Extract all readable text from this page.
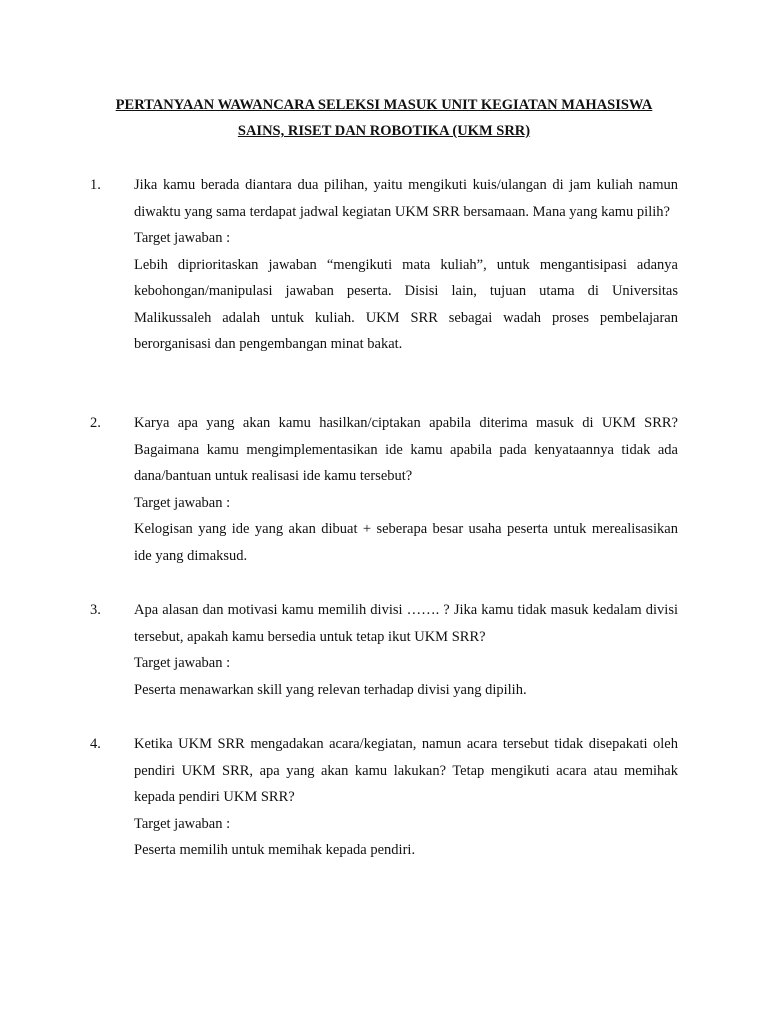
PERTANYAAN WAWANCARA SELEKSI MASUK UNIT KEGIATAN MAHASISWA
SAINS, RISET DAN ROBOTIKA (UKM SRR)
1. Jika kamu berada diantara dua pilihan, yaitu mengikuti kuis/ulangan di jam kuliah namun diwaktu yang sama terdapat jadwal kegiatan UKM SRR bersamaan. Mana yang kamu pilih?

Target jawaban :

Lebih diprioritaskan jawaban “mengikuti mata kuliah”, untuk mengantisipasi adanya kebohongan/manipulasi jawaban peserta. Disisi lain, tujuan utama di Universitas Malikussaleh adalah untuk kuliah. UKM SRR sebagai wadah proses pembelajaran berorganisasi dan pengembangan minat bakat.

2. Karya apa yang akan kamu hasilkan/ciptakan apabila diterima masuk di UKM SRR? Bagaimana kamu mengimplementasikan ide kamu apabila pada kenyataannya tidak ada dana/bantuan untuk realisasi ide kamu tersebut?

Target jawaban :

Kelogisan yang ide yang akan dibuat + seberapa besar usaha peserta untuk merealisasikan ide yang dimaksud.

3. Apa alasan dan motivasi kamu memilih divisi ……. ? Jika kamu tidak masuk kedalam divisi tersebut, apakah kamu bersedia untuk tetap ikut UKM SRR?

Target jawaban :

Peserta menawarkan skill yang relevan terhadap divisi yang dipilih.

4. Ketika UKM SRR mengadakan acara/kegiatan, namun acara tersebut tidak disepakati oleh pendiri UKM SRR, apa yang akan kamu lakukan? Tetap mengikuti acara atau memihak kepada pendiri UKM SRR?

Target jawaban :

Peserta memilih untuk memihak kepada pendiri.
